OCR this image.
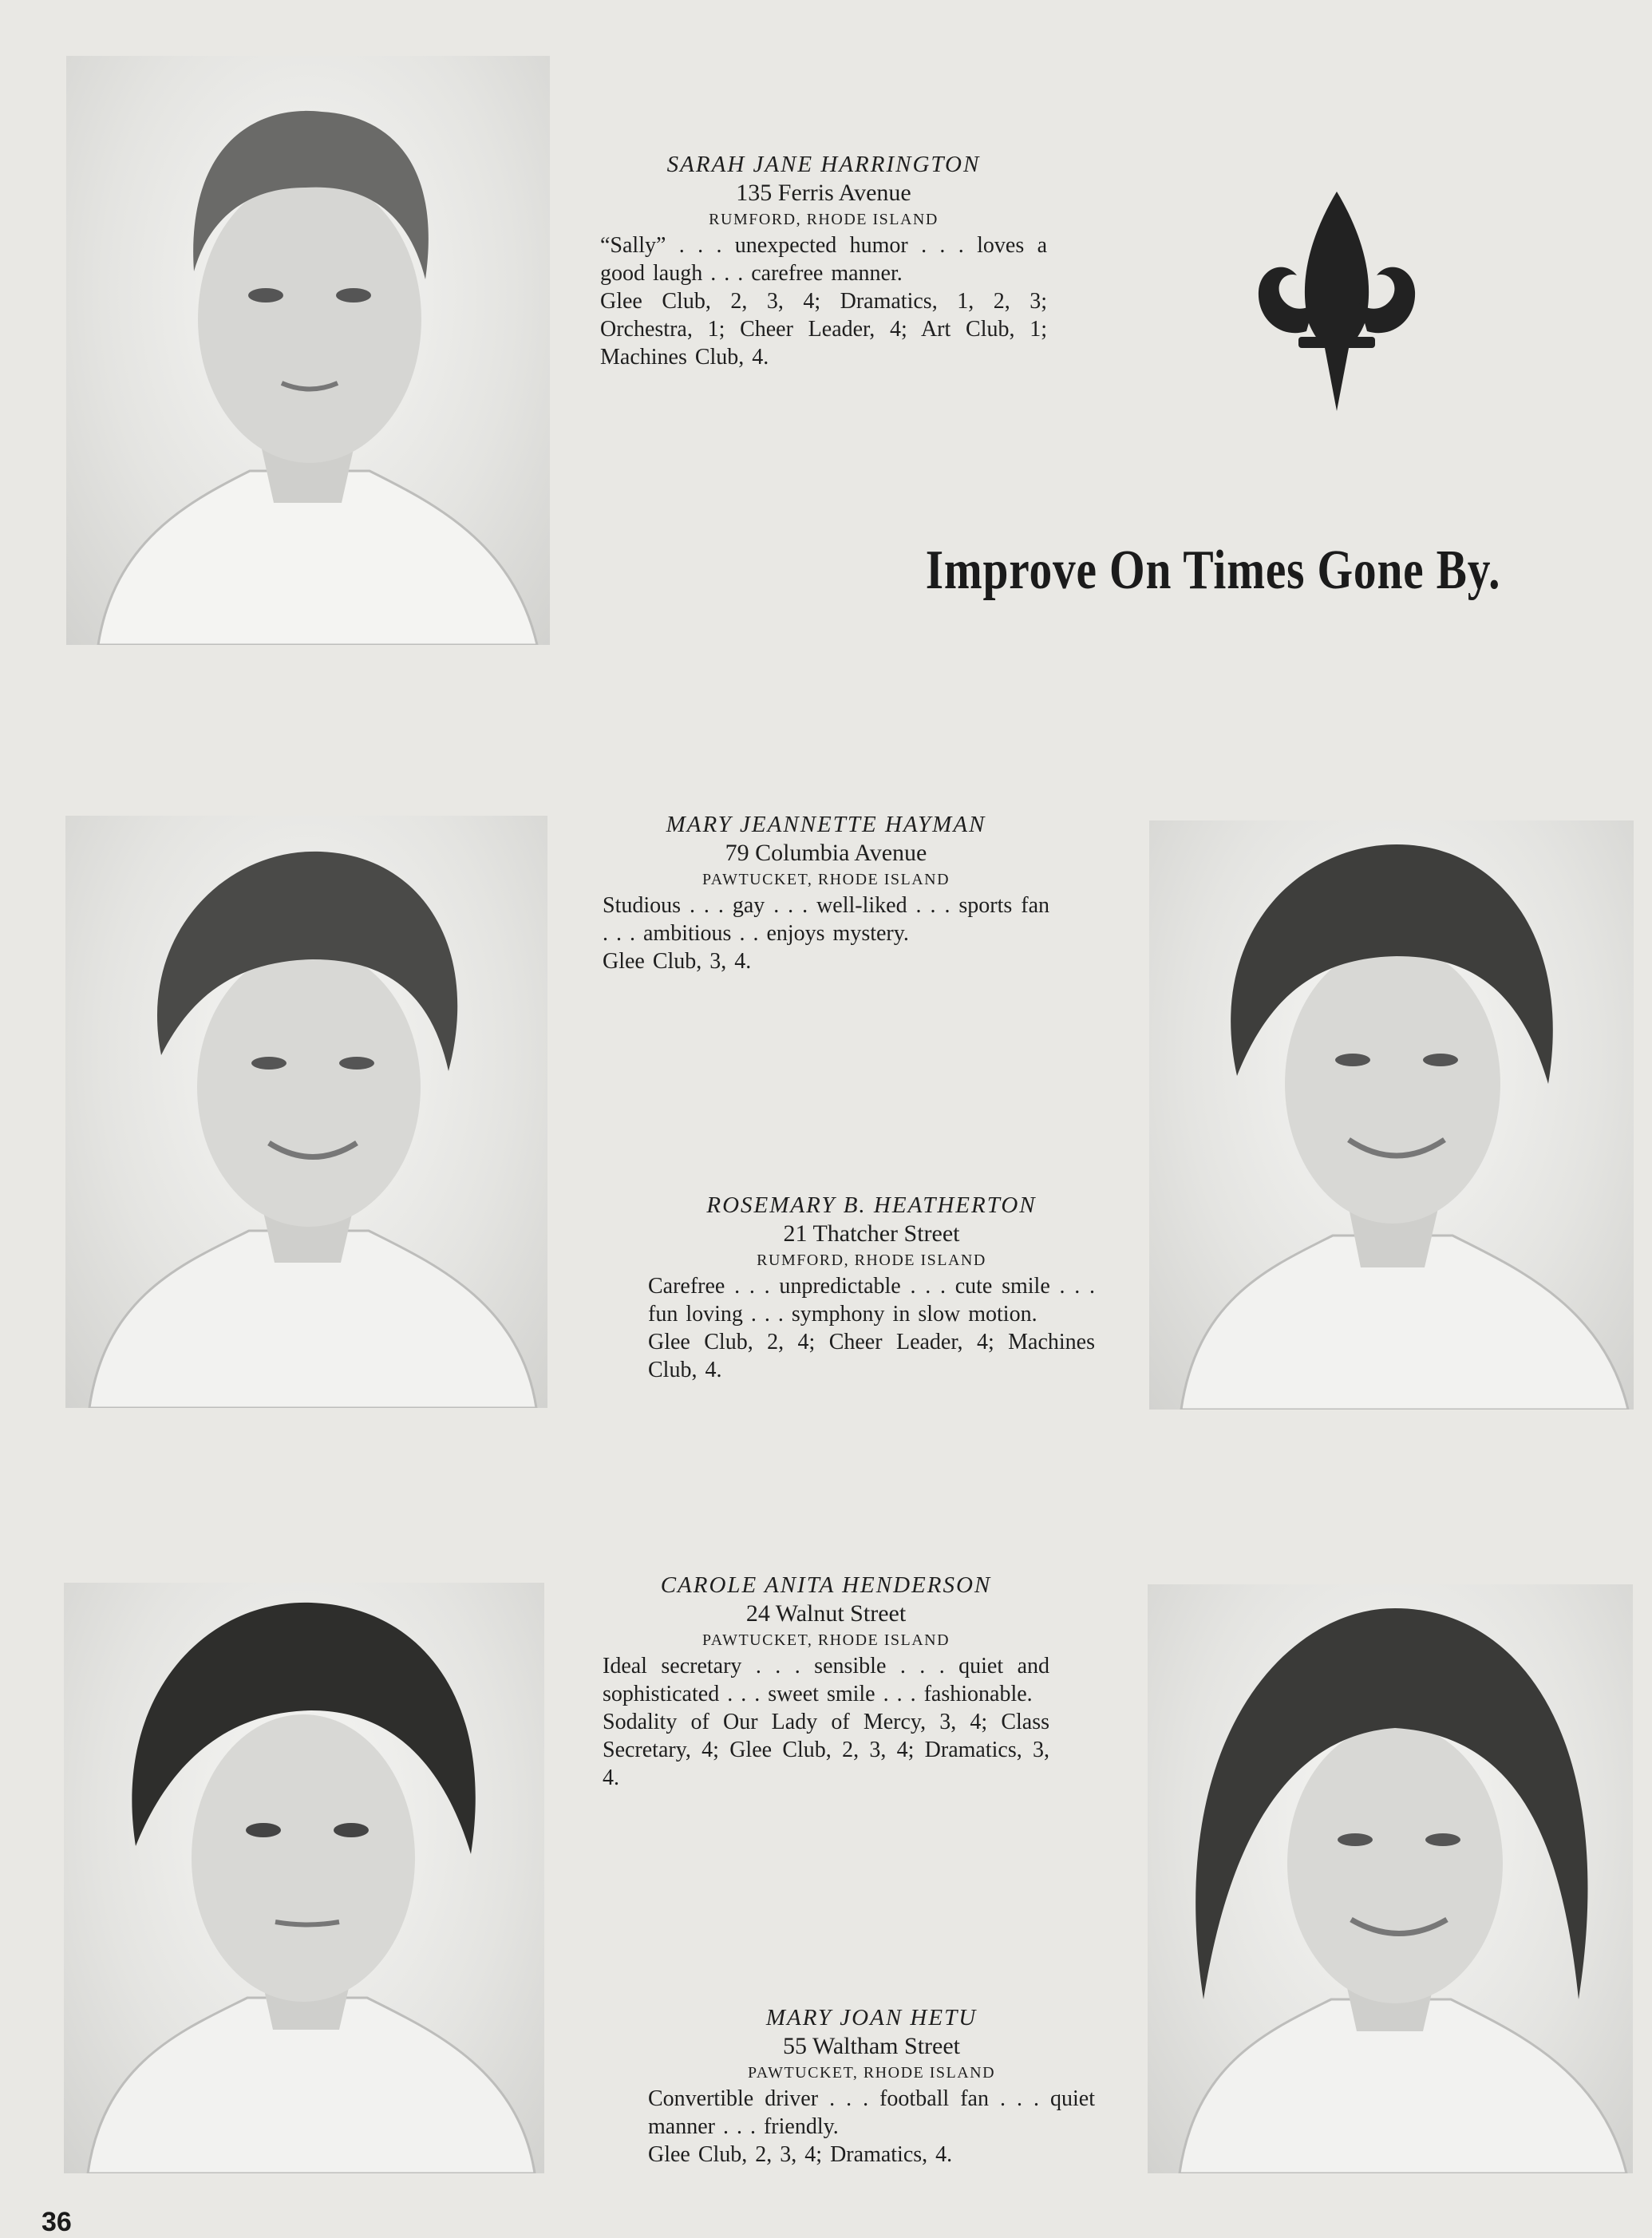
SARAH JANE HARRINGTON
135 Ferris Avenue
RUMFORD, RHODE ISLAND
“Sally” . . . unexpected humor . . . loves a good laugh . . . carefree manner.
Glee Club, 2, 3, 4; Dramatics, 1, 2, 3; Orchestra, 1; Cheer Leader, 4; Art Club, 1; Machines Club, 4.
Improve On Times Gone By.
MARY JEANNETTE HAYMAN
79 Columbia Avenue
PAWTUCKET, RHODE ISLAND
Studious . . . gay . . . well-liked . . . sports fan . . . ambitious . . enjoys mystery.
Glee Club, 3, 4.
ROSEMARY B. HEATHERTON
21 Thatcher Street
RUMFORD, RHODE ISLAND
Carefree . . . unpredictable . . . cute smile . . . fun loving . . . symphony in slow motion.
Glee Club, 2, 4; Cheer Leader, 4; Machines Club, 4.
CAROLE ANITA HENDERSON
24 Walnut Street
PAWTUCKET, RHODE ISLAND
Ideal secretary . . . sensible . . . quiet and sophisticated . . . sweet smile . . . fashionable.
Sodality of Our Lady of Mercy, 3, 4; Class Secretary, 4; Glee Club, 2, 3, 4; Dramatics, 3, 4.
MARY JOAN HETU
55 Waltham Street
PAWTUCKET, RHODE ISLAND
Convertible driver . . . football fan . . . quiet manner . . . friendly.
Glee Club, 2, 3, 4; Dramatics, 4.
36
